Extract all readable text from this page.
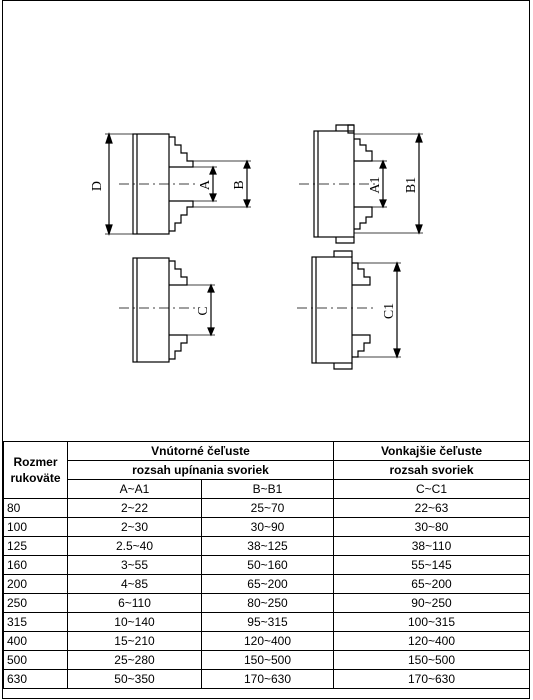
D	A B	A1 B1
C	C1
Rozmer rukoväte	Vnútorné čeľuste		Vonkajšie čeľuste
	rozsah upínania svoriek		rozsah svoriek
	A~A1	B~B1	C~C1
80	2~22	25~70	22~63
100	2~30	30~90	30~80
125	2.5~40	38~125	38~110
160	3~55	50~160	55~145
200	4~85	65~200	65~200
250	6~110	80~250	90~250
315	10~140	95~315	100~315
400	15~210	120~400	120~400
500	25~280	150~500	150~500
630	50~350	170~630	170~630
